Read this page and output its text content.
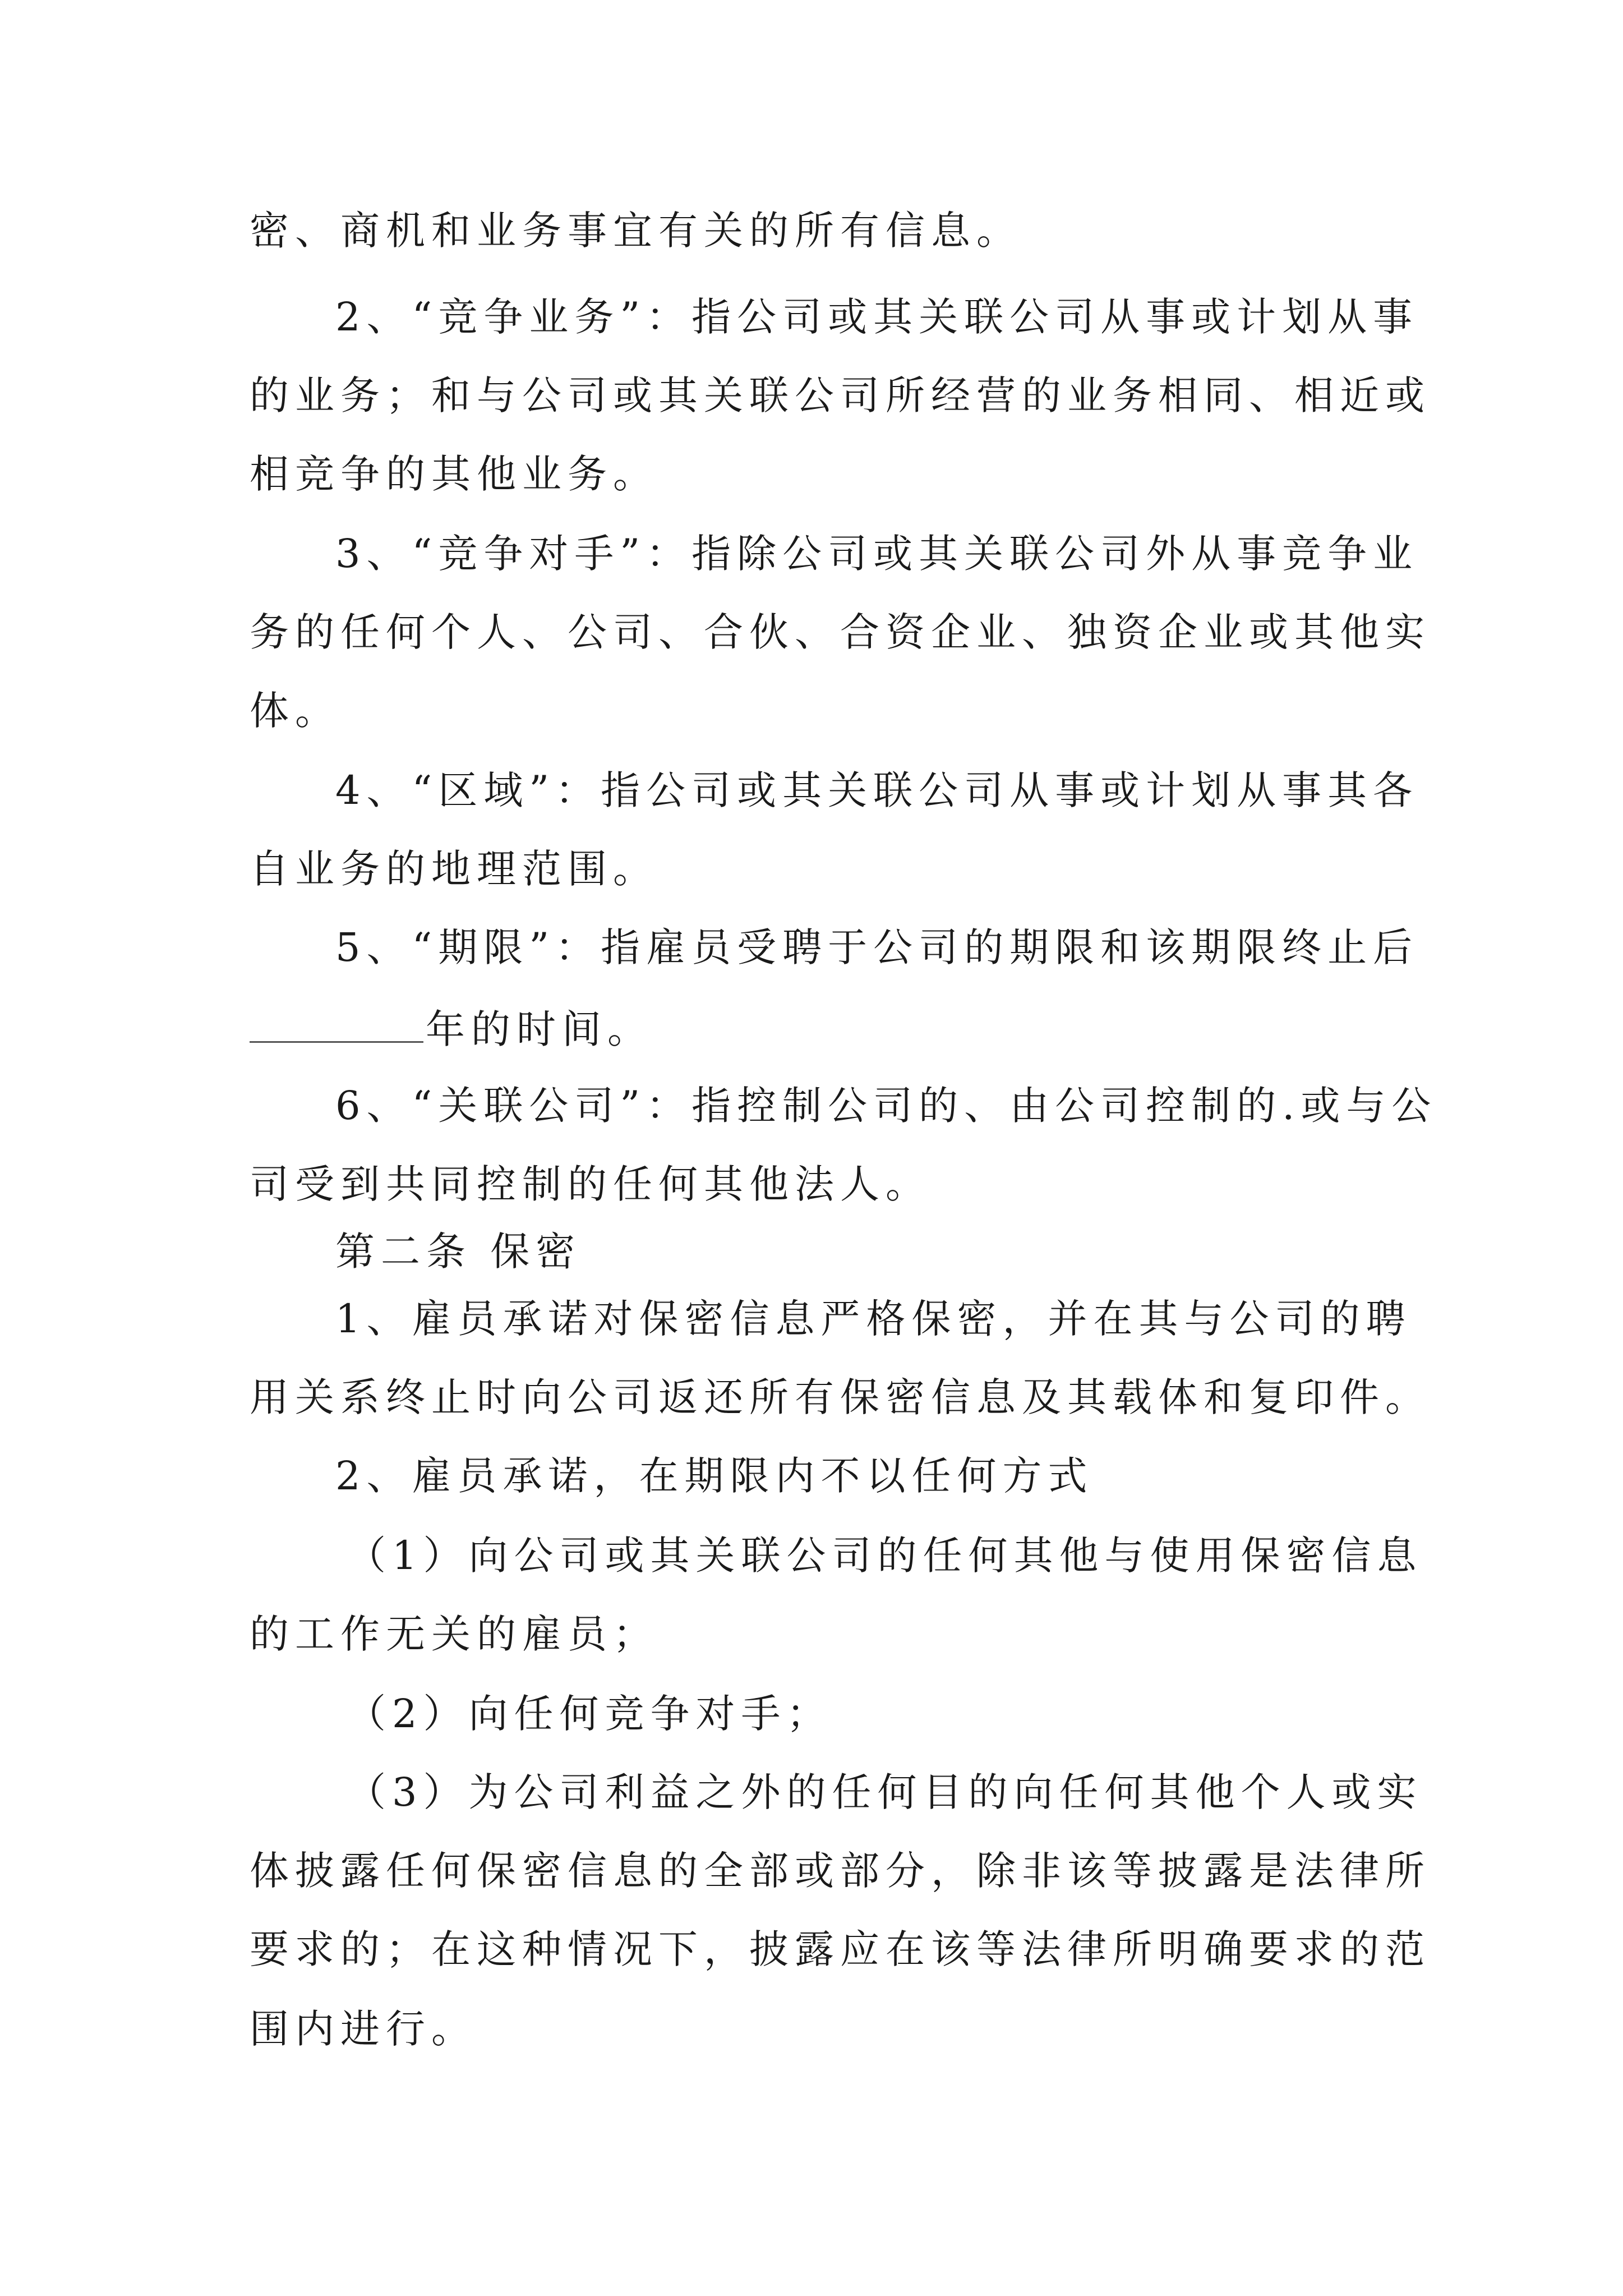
密、商机和业务事宜有关的所有信息。
2、“竞争业务”：指公司或其关联公司从事或计划从事
的业务；和与公司或其关联公司所经营的业务相同、相近或
相竞争的其他业务。
3、“竞争对手”：指除公司或其关联公司外从事竞争业
务的任何个人、公司、合伙、合资企业、独资企业或其他实
体。
4、“区域”：指公司或其关联公司从事或计划从事其各
自业务的地理范围。
5、“期限”：指雇员受聘于公司的期限和该期限终止后
年的时间。
6、“关联公司”：指控制公司的、由公司控制的.或与公
司受到共同控制的任何其他法人。
第二条 保密
1、雇员承诺对保密信息严格保密，并在其与公司的聘
用关系终止时向公司返还所有保密信息及其载体和复印件。
2、雇员承诺，在期限内不以任何方式
（1）向公司或其关联公司的任何其他与使用保密信息
的工作无关的雇员；
（2）向任何竞争对手；
（3）为公司利益之外的任何目的向任何其他个人或实
体披露任何保密信息的全部或部分，除非该等披露是法律所
要求的；在这种情况下，披露应在该等法律所明确要求的范
围内进行。
